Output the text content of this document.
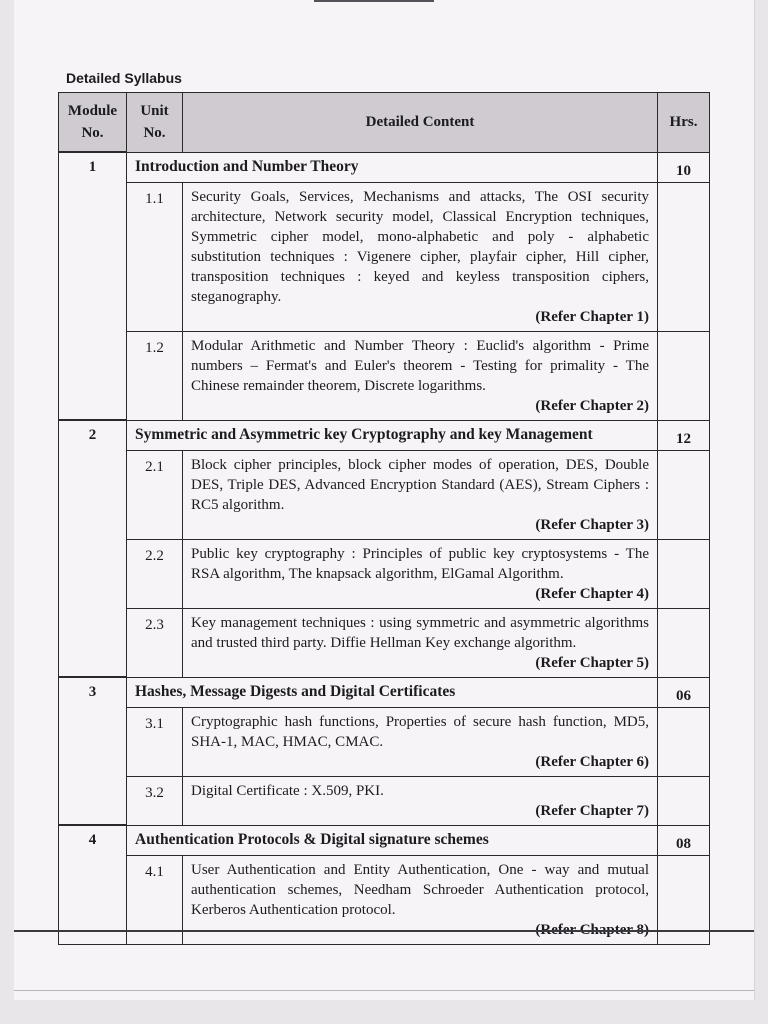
Detailed Syllabus
Module No.	Unit No.	Detailed Content	Hrs.
1	Introduction and Number Theory		10
	1.1	Security Goals, Services, Mechanisms and attacks, The OSI security architecture, Network security model, Classical Encryption techniques, Symmetric cipher model, mono-alphabetic and poly - alphabetic substitution techniques : Vigenere cipher, playfair cipher, Hill cipher, transposition techniques : keyed and keyless transposition ciphers, steganography.
(Refer Chapter 1)	

	1.2	Modular Arithmetic and Number Theory : Euclid's algorithm - Prime numbers – Fermat's and Euler's theorem - Testing for primality - The Chinese remainder theorem, Discrete logarithms.
(Refer Chapter 2)	

2	Symmetric and Asymmetric key Cryptography and key Management		12
	2.1	Block cipher principles, block cipher modes of operation, DES, Double DES, Triple DES, Advanced Encryption Standard (AES), Stream Ciphers : RC5 algorithm.
(Refer Chapter 3)	

	2.2	Public key cryptography : Principles of public key cryptosystems - The RSA algorithm, The knapsack algorithm, ElGamal Algorithm.
(Refer Chapter 4)	

	2.3	Key management techniques : using symmetric and asymmetric algorithms and trusted third party. Diffie Hellman Key exchange algorithm.
(Refer Chapter 5)	

3	Hashes, Message Digests and Digital Certificates		06
	3.1	Cryptographic hash functions, Properties of secure hash function, MD5, SHA-1, MAC, HMAC, CMAC.
(Refer Chapter 6)	

	3.2	Digital Certificate : X.509, PKI.
(Refer Chapter 7)	

4	Authentication Protocols & Digital signature schemes		08
	4.1	User Authentication and Entity Authentication, One - way and mutual authentication schemes, Needham Schroeder Authentication protocol, Kerberos Authentication protocol.
